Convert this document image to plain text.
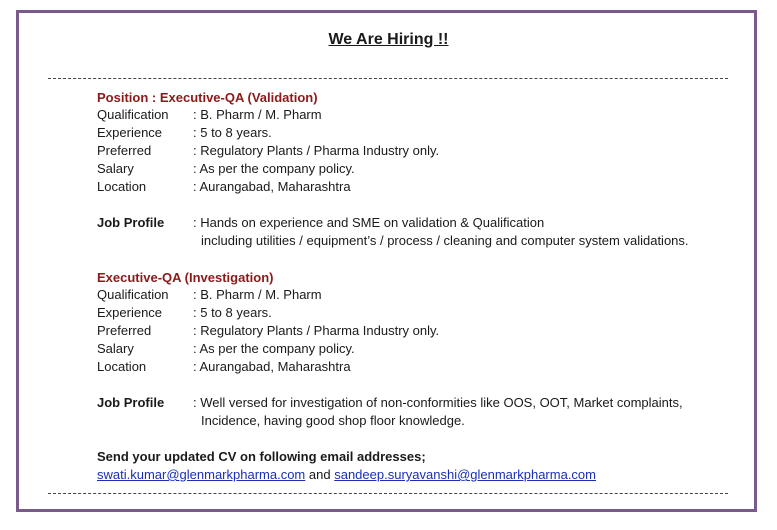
We Are Hiring !!
Position : Executive-QA (Validation)
Qualification : B. Pharm / M. Pharm
Experience : 5 to 8 years.
Preferred	: Regulatory Plants / Pharma Industry only.
Salary	: As per the company policy.
Location	: Aurangabad, Maharashtra
Job Profile	: Hands on experience and SME on validation & Qualification
including utilities / equipment’s / process / cleaning and computer system validations.
Executive-QA (Investigation)
Qualification : B. Pharm / M. Pharm
Experience : 5 to 8 years.
Preferred	: Regulatory Plants / Pharma Industry only.
Salary	: As per the company policy.
Location	: Aurangabad, Maharashtra
Job Profile	: Well versed for investigation of non-conformities like OOS, OOT, Market complaints,
Incidence, having good shop floor knowledge.
Send your updated CV on following email addresses;
swati.kumar@glenmarkpharma.com and sandeep.suryavanshi@glenmarkpharma.com
